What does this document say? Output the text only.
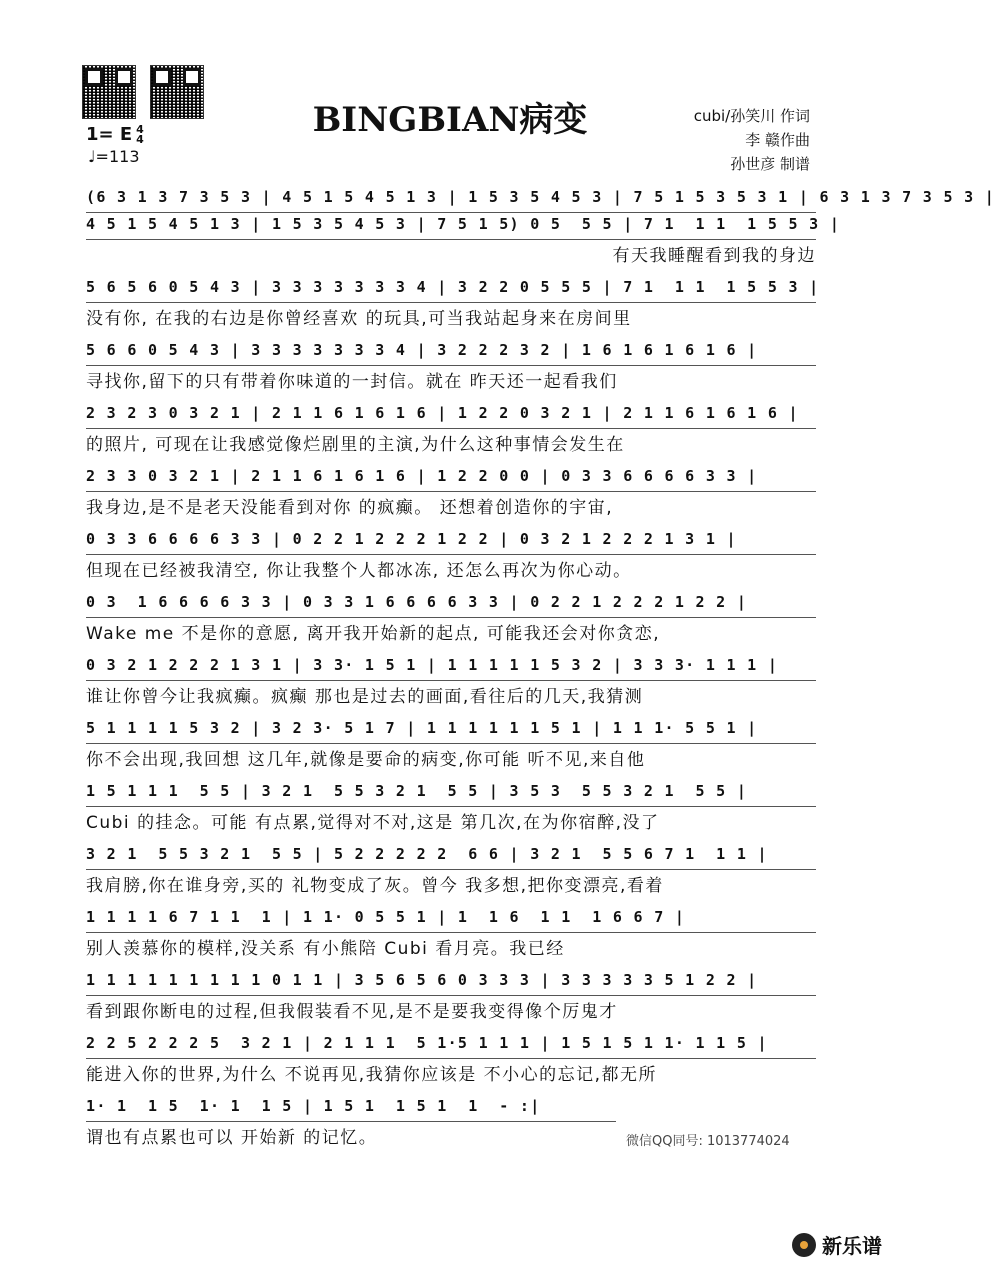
BINGBIAN病变
1= E 4
4
♩=113
cubi/孙笑川 作词
李 赣作曲
孙世彦 制谱
(6 3 1 3 7 3 5 3 | 4 5 1 5 4 5 1 3 | 1 5 3 5 4 5 3 | 7 5 1 5 3 5 3 1 | 6 3 1 3 7 3 5 3 |
4 5 1 5 4 5 1 3 | 1 5 3 5 4 5 3 | 7 5 1 5) 0 5  5 5 | 7 1  1 1  1 5 5 3 |
有天我睡醒看到我的身边
5 6 5 6 0 5 4 3 | 3 3 3 3 3 3 3 4 | 3 2 2 0 5 5 5 | 7 1  1 1  1 5 5 3 |
没有你, 在我的右边是你曾经喜欢 的玩具,可当我站起身来在房间里
5 6 6 0 5 4 3 | 3 3 3 3 3 3 3 4 | 3 2 2 2 3 2 | 1 6 1 6 1 6 1 6 |
寻找你,留下的只有带着你味道的一封信。就在 昨天还一起看我们
2 3 2 3 0 3 2 1 | 2 1 1 6 1 6 1 6 | 1 2 2 0 3 2 1 | 2 1 1 6 1 6 1 6 |
的照片, 可现在让我感觉像烂剧里的主演,为什么这种事情会发生在
2 3 3 0 3 2 1 | 2 1 1 6 1 6 1 6 | 1 2 2 0 0 | 0 3 3 6 6 6 6 3 3 |
我身边,是不是老天没能看到对你 的疯癫。 还想着创造你的宇宙,
0 3 3 6 6 6 6 3 3 | 0 2 2 1 2 2 2 1 2 2 | 0 3 2 1 2 2 2 1 3 1 |
但现在已经被我清空, 你让我整个人都冰冻, 还怎么再次为你心动。
0 3  1 6 6 6 6 3 3 | 0 3 3 1 6 6 6 6 3 3 | 0 2 2 1 2 2 2 1 2 2 |
Wake me 不是你的意愿, 离开我开始新的起点, 可能我还会对你贪恋,
0 3 2 1 2 2 2 1 3 1 | 3 3· 1 5 1 | 1 1 1 1 1 5 3 2 | 3 3 3· 1 1 1 |
谁让你曾今让我疯癫。疯癫 那也是过去的画面,看往后的几天,我猜测
5 1 1 1 1 5 3 2 | 3 2 3· 5 1 7 | 1 1 1 1 1 1 5 1 | 1 1 1· 5 5 1 |
你不会出现,我回想 这几年,就像是要命的病变,你可能 听不见,来自他
1 5 1 1 1  5 5 | 3 2 1  5 5 3 2 1  5 5 | 3 5 3  5 5 3 2 1  5 5 |
Cubi 的挂念。可能 有点累,觉得对不对,这是 第几次,在为你宿醉,没了
3 2 1  5 5 3 2 1  5 5 | 5 2 2 2 2 2  6 6 | 3 2 1  5 5 6 7 1  1 1 |
我肩膀,你在谁身旁,买的 礼物变成了灰。曾今 我多想,把你变漂亮,看着
1 1 1 1 6 7 1 1  1 | 1 1· 0 5 5 1 | 1  1 6  1 1  1 6 6 7 |
别人羡慕你的模样,没关系 有小熊陪 Cubi 看月亮。我已经
1 1 1 1 1 1 1 1 1 0 1 1 | 3 5 6 5 6 0 3 3 3 | 3 3 3 3 3 5 1 2 2 |
看到跟你断电的过程,但我假装看不见,是不是要我变得像个厉鬼才
2 2 5 2 2 2 5  3 2 1 | 2 1 1 1  5 1·5 1 1 1 | 1 5 1 5 1 1· 1 1 5 |
能进入你的世界,为什么 不说再见,我猜你应该是 不小心的忘记,都无所
1· 1  1 5  1· 1  1 5 | 1 5 1  1 5 1  1  - :|
谓也有点累也可以 开始新 的记忆。	微信QQ同号: 1013774024
新乐谱
